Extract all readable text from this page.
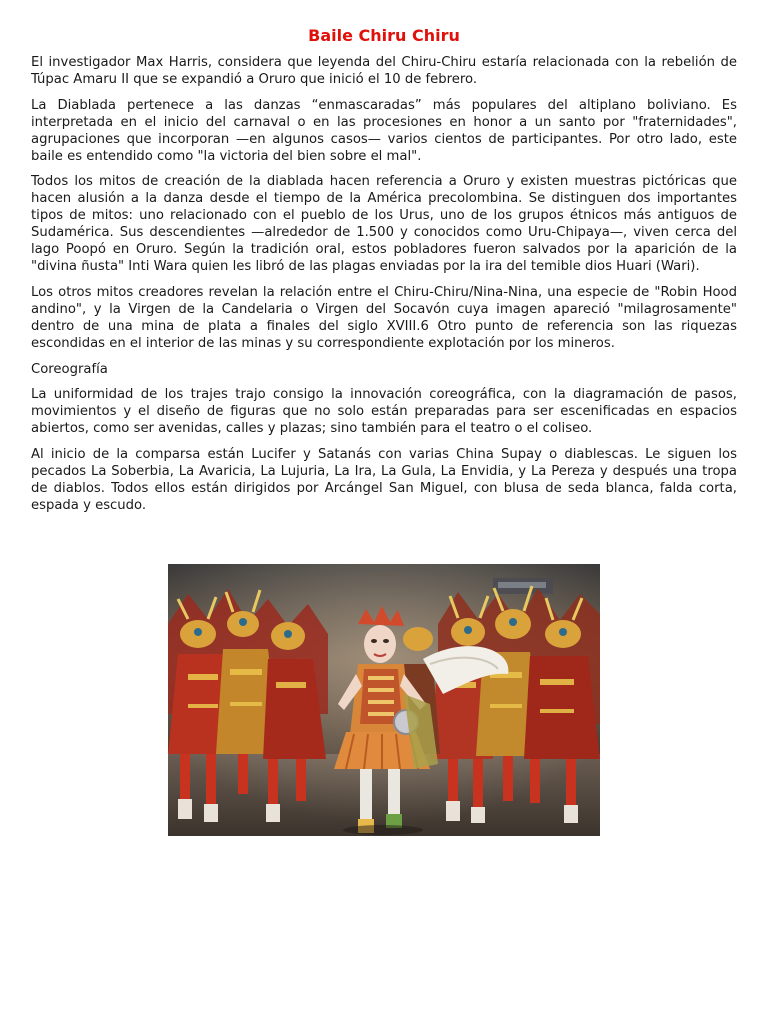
Baile Chiru Chiru

El investigador Max Harris, considera que leyenda del Chiru-Chiru estaría relacionada con la rebelión de Túpac Amaru II que se expandió a Oruro que inició el 10 de febrero.

La Diablada pertenece a las danzas “enmascaradas” más populares del altiplano boliviano. Es interpretada en el inicio del carnaval o en las procesiones en honor a un santo por "fraternidades", agrupaciones que incorporan —en algunos casos— varios cientos de participantes. Por otro lado, este baile es entendido como "la victoria del bien sobre el mal".

Todos los mitos de creación de la diablada hacen referencia a Oruro y existen muestras pictóricas que hacen alusión a la danza desde el tiempo de la América precolombina. Se distinguen dos importantes tipos de mitos: uno relacionado con el pueblo de los Urus, uno de los grupos étnicos más antiguos de Sudamérica. Sus descendientes —alrededor de 1.500 y conocidos como Uru-Chipaya—, viven cerca del lago Poopó en Oruro. Según la tradición oral, estos pobladores fueron salvados por la aparición de la "divina ñusta" Inti Wara quien les libró de las plagas enviadas por la ira del temible dios Huari (Wari).

Los otros mitos creadores revelan la relación entre el Chiru-Chiru/Nina-Nina, una especie de "Robin Hood andino", y la Virgen de la Candelaria o Virgen del Socavón cuya imagen apareció "milagrosamente" dentro de una mina de plata a finales del siglo XVIII.6 Otro punto de referencia son las riquezas escondidas en el interior de las minas y su correspondiente explotación por los mineros.

Coreografía

La uniformidad de los trajes trajo consigo la innovación coreográfica, con la diagramación de pasos, movimientos y el diseño de figuras que no solo están preparadas para ser escenificadas en espacios abiertos, como ser avenidas, calles y plazas; sino también para el teatro o el coliseo.

Al inicio de la comparsa están Lucifer y Satanás con varias China Supay o diablescas. Le siguen los pecados La Soberbia, La Avaricia, La Lujuria, La Ira, La Gula, La Envidia, y La Pereza y después una tropa de diablos. Todos ellos están dirigidos por Arcángel San Miguel, con blusa de seda blanca, falda corta, espada y escudo.
